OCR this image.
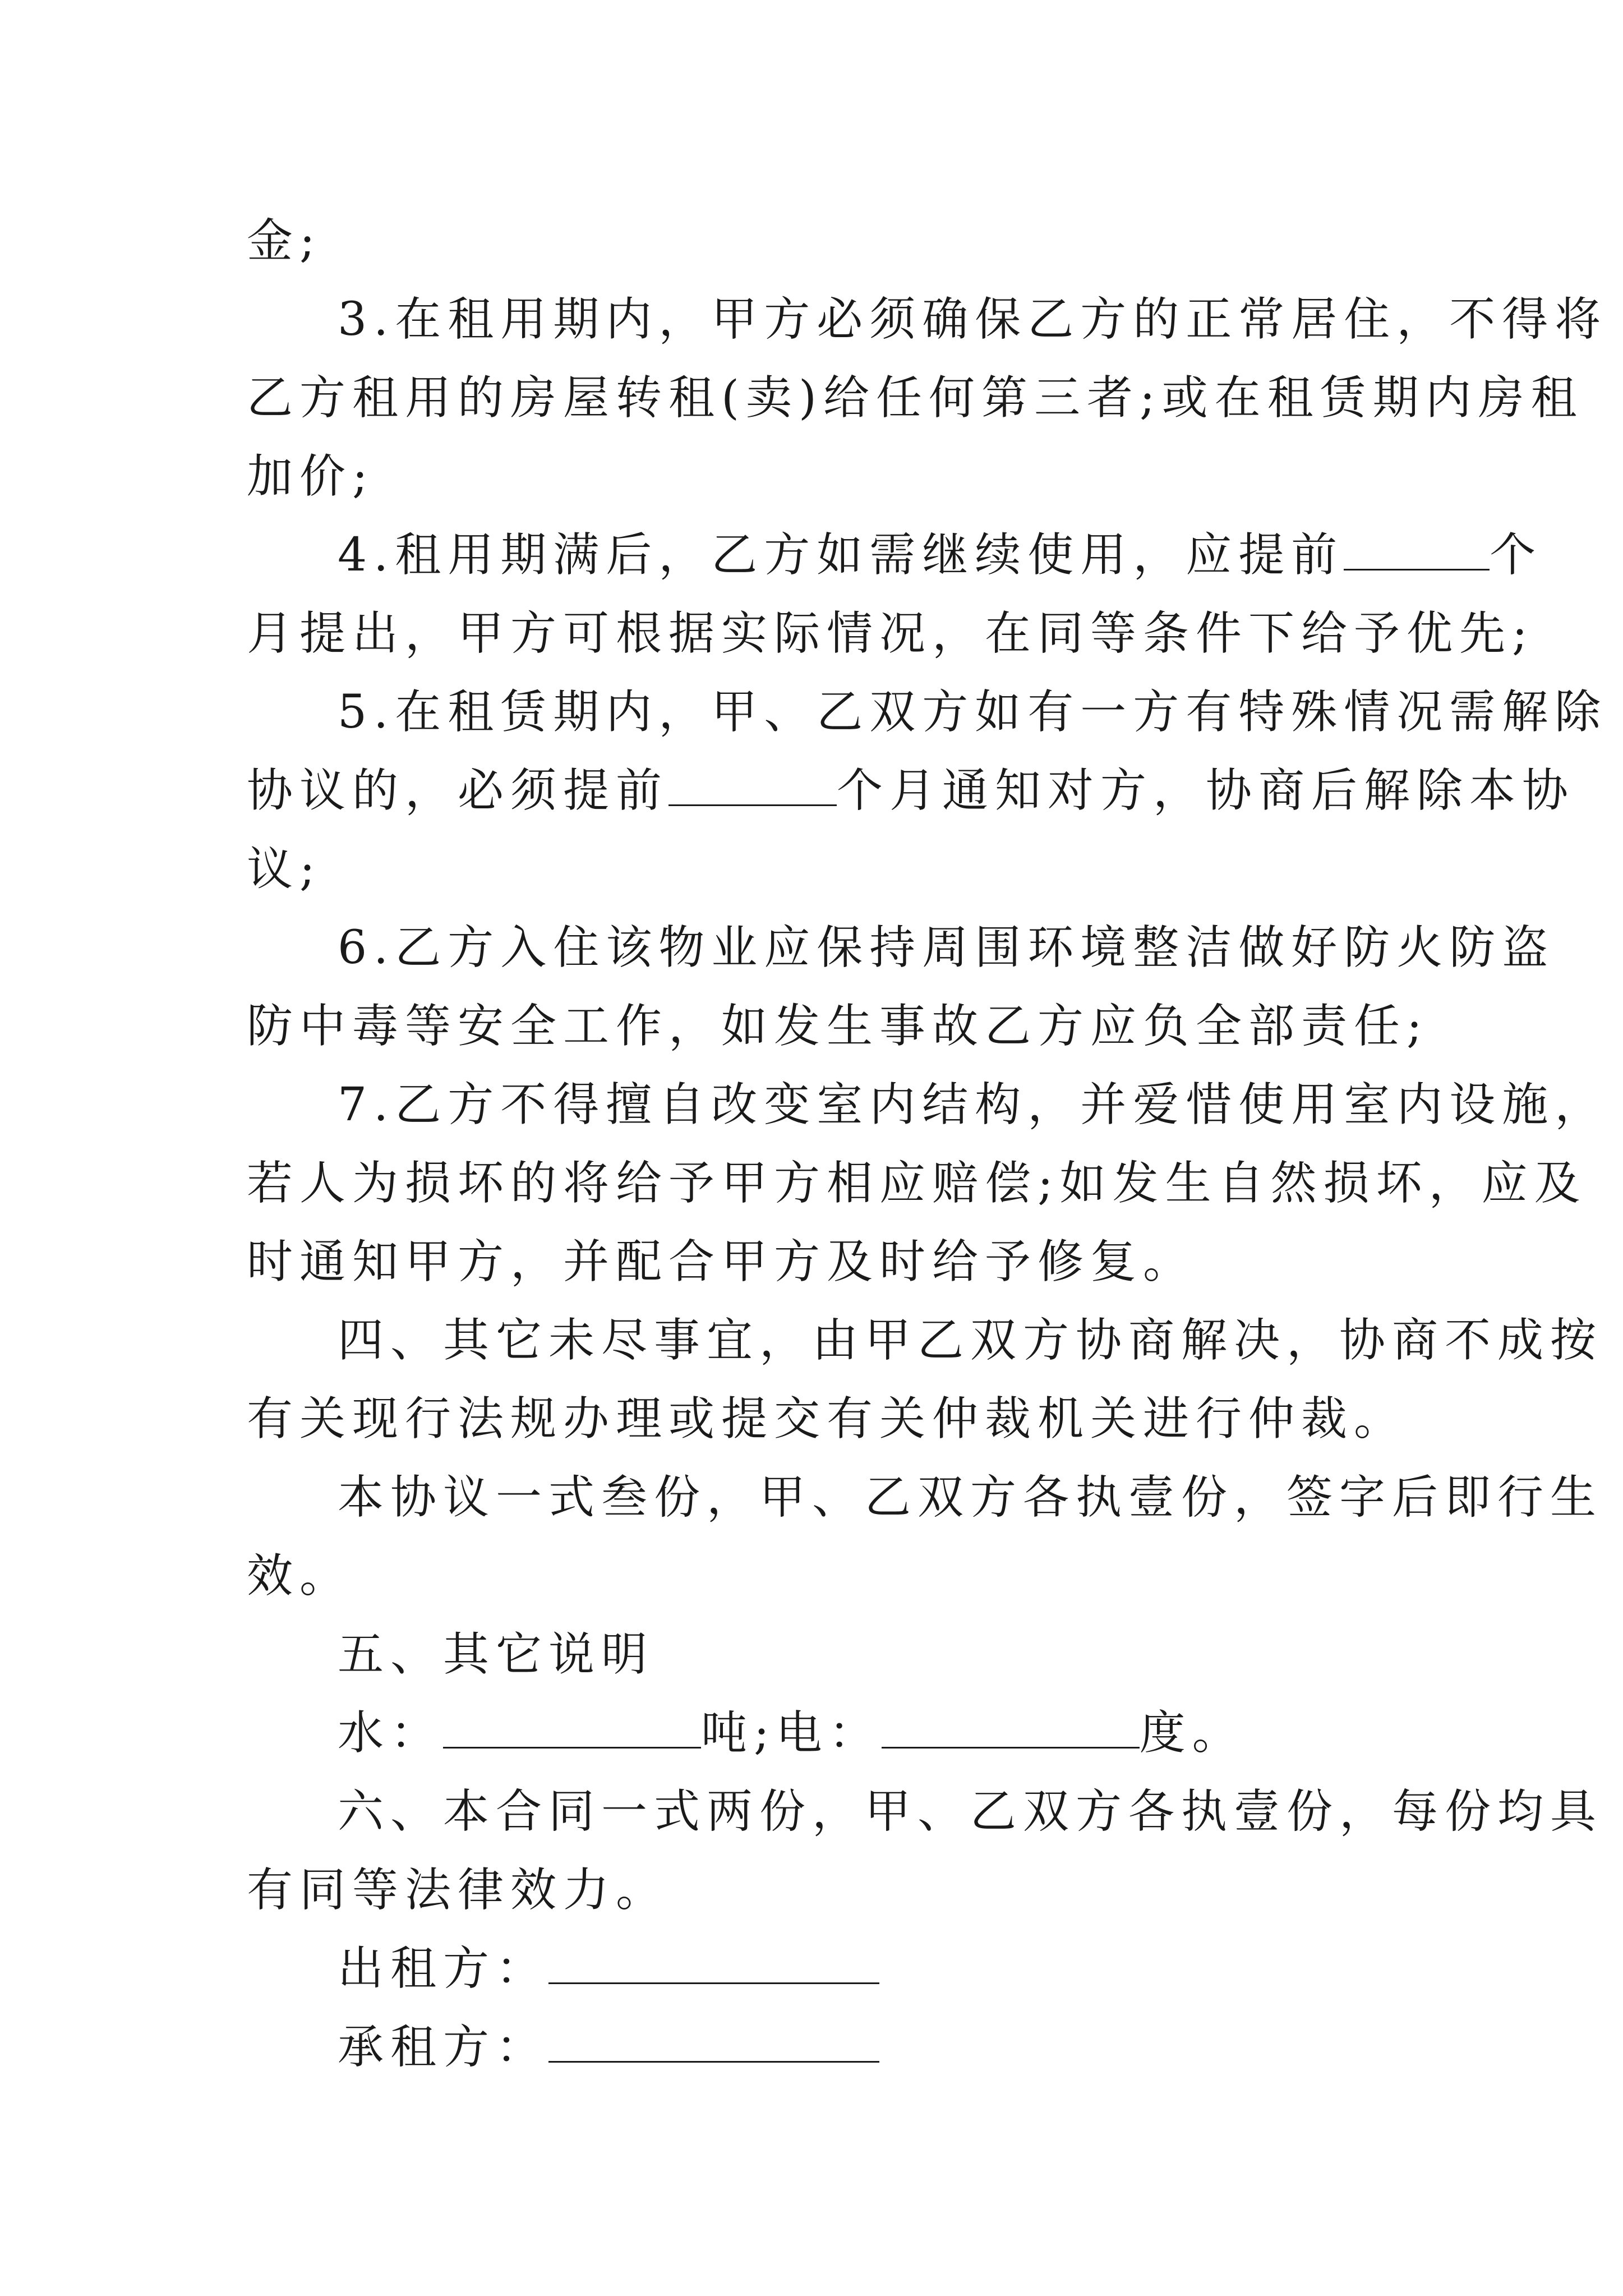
金;
3.在租用期内，甲方必须确保乙方的正常居住，不得将
乙方租用的房屋转租(卖)给任何第三者;或在租赁期内房租
加价;
4.租用期满后，乙方如需继续使用，应提前	个
月提出，甲方可根据实际情况，在同等条件下给予优先;
5.在租赁期内，甲、乙双方如有一方有特殊情况需解除
协议的，必须提前	个月通知对方，协商后解除本协
议;
6.乙方入住该物业应保持周围环境整洁做好防火防盗
防中毒等安全工作，如发生事故乙方应负全部责任;
7.乙方不得擅自改变室内结构，并爱惜使用室内设施，
若人为损坏的将给予甲方相应赔偿;如发生自然损坏，应及
时通知甲方，并配合甲方及时给予修复。
四、其它未尽事宜，由甲乙双方协商解决，协商不成按
有关现行法规办理或提交有关仲裁机关进行仲裁。
本协议一式叁份，甲、乙双方各执壹份，签字后即行生
效。
五、其它说明
水：	吨;电：	度。
六、本合同一式两份，甲、乙双方各执壹份，每份均具
有同等法律效力。
出租方：
承租方：
